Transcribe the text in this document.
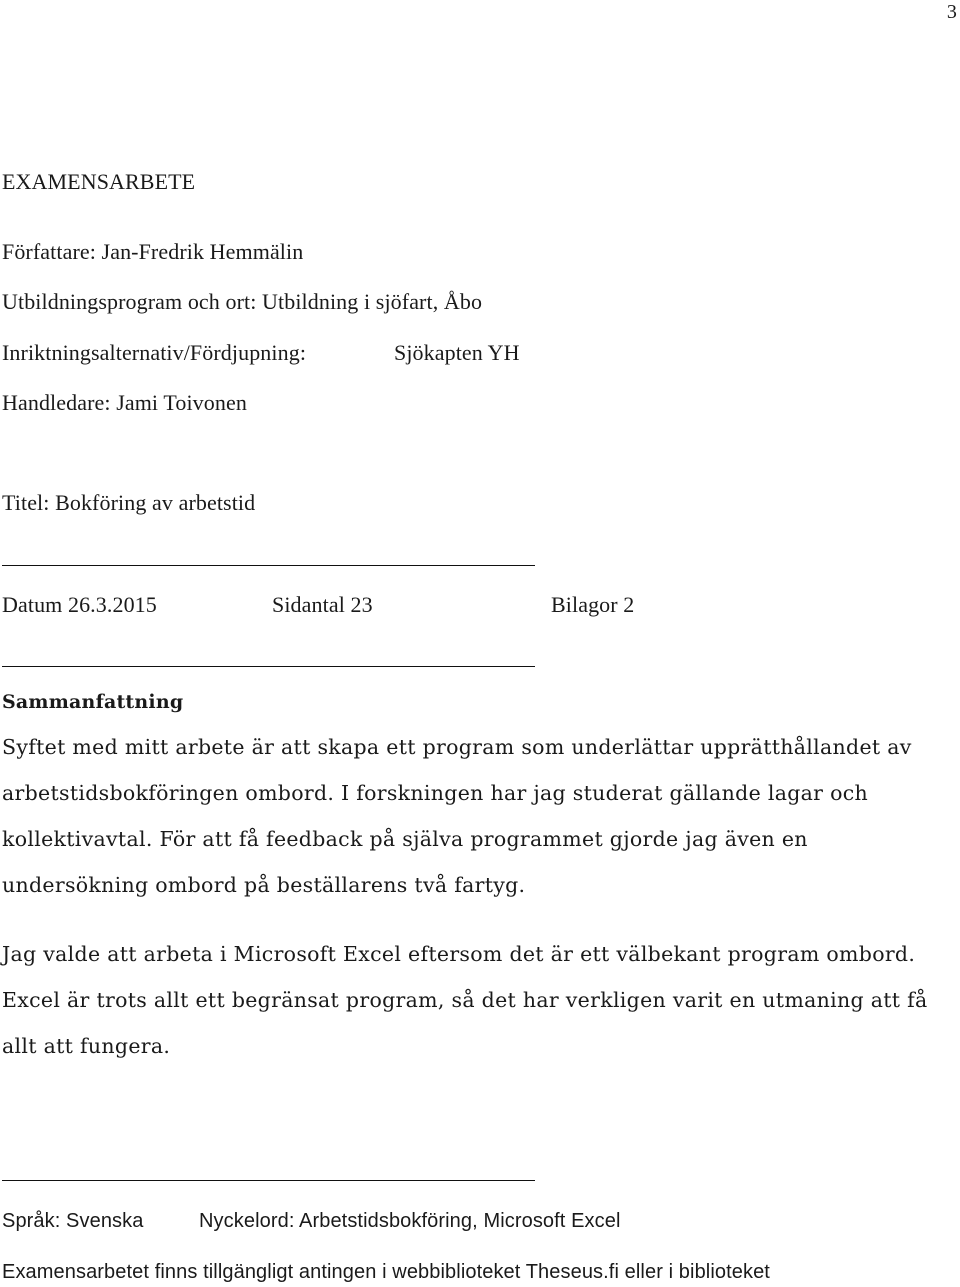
3
EXAMENSARBETE
Författare: Jan-Fredrik Hemmälin
Utbildningsprogram och ort: Utbildning i sjöfart, Åbo
Inriktningsalternativ/Fördjupning:	Sjökapten YH
Handledare: Jami Toivonen
Titel: Bokföring av arbetstid
Datum 26.3.2015	Sidantal 23	Bilagor 2
Sammanfattning
Syftet med mitt arbete är att skapa ett program som underlättar upprätthållandet av
arbetstidsbokföringen ombord. I forskningen har jag studerat gällande lagar och
kollektivavtal. För att få feedback på själva programmet gjorde jag även en
undersökning ombord på beställarens två fartyg.
Jag valde att arbeta i Microsoft Excel eftersom det är ett välbekant program ombord.
Excel är trots allt ett begränsat program, så det har verkligen varit en utmaning att få
allt att fungera.
Språk: Svenska	Nyckelord: Arbetstidsbokföring, Microsoft Excel
Examensarbetet finns tillgängligt antingen i webbiblioteket Theseus.fi eller i biblioteket
